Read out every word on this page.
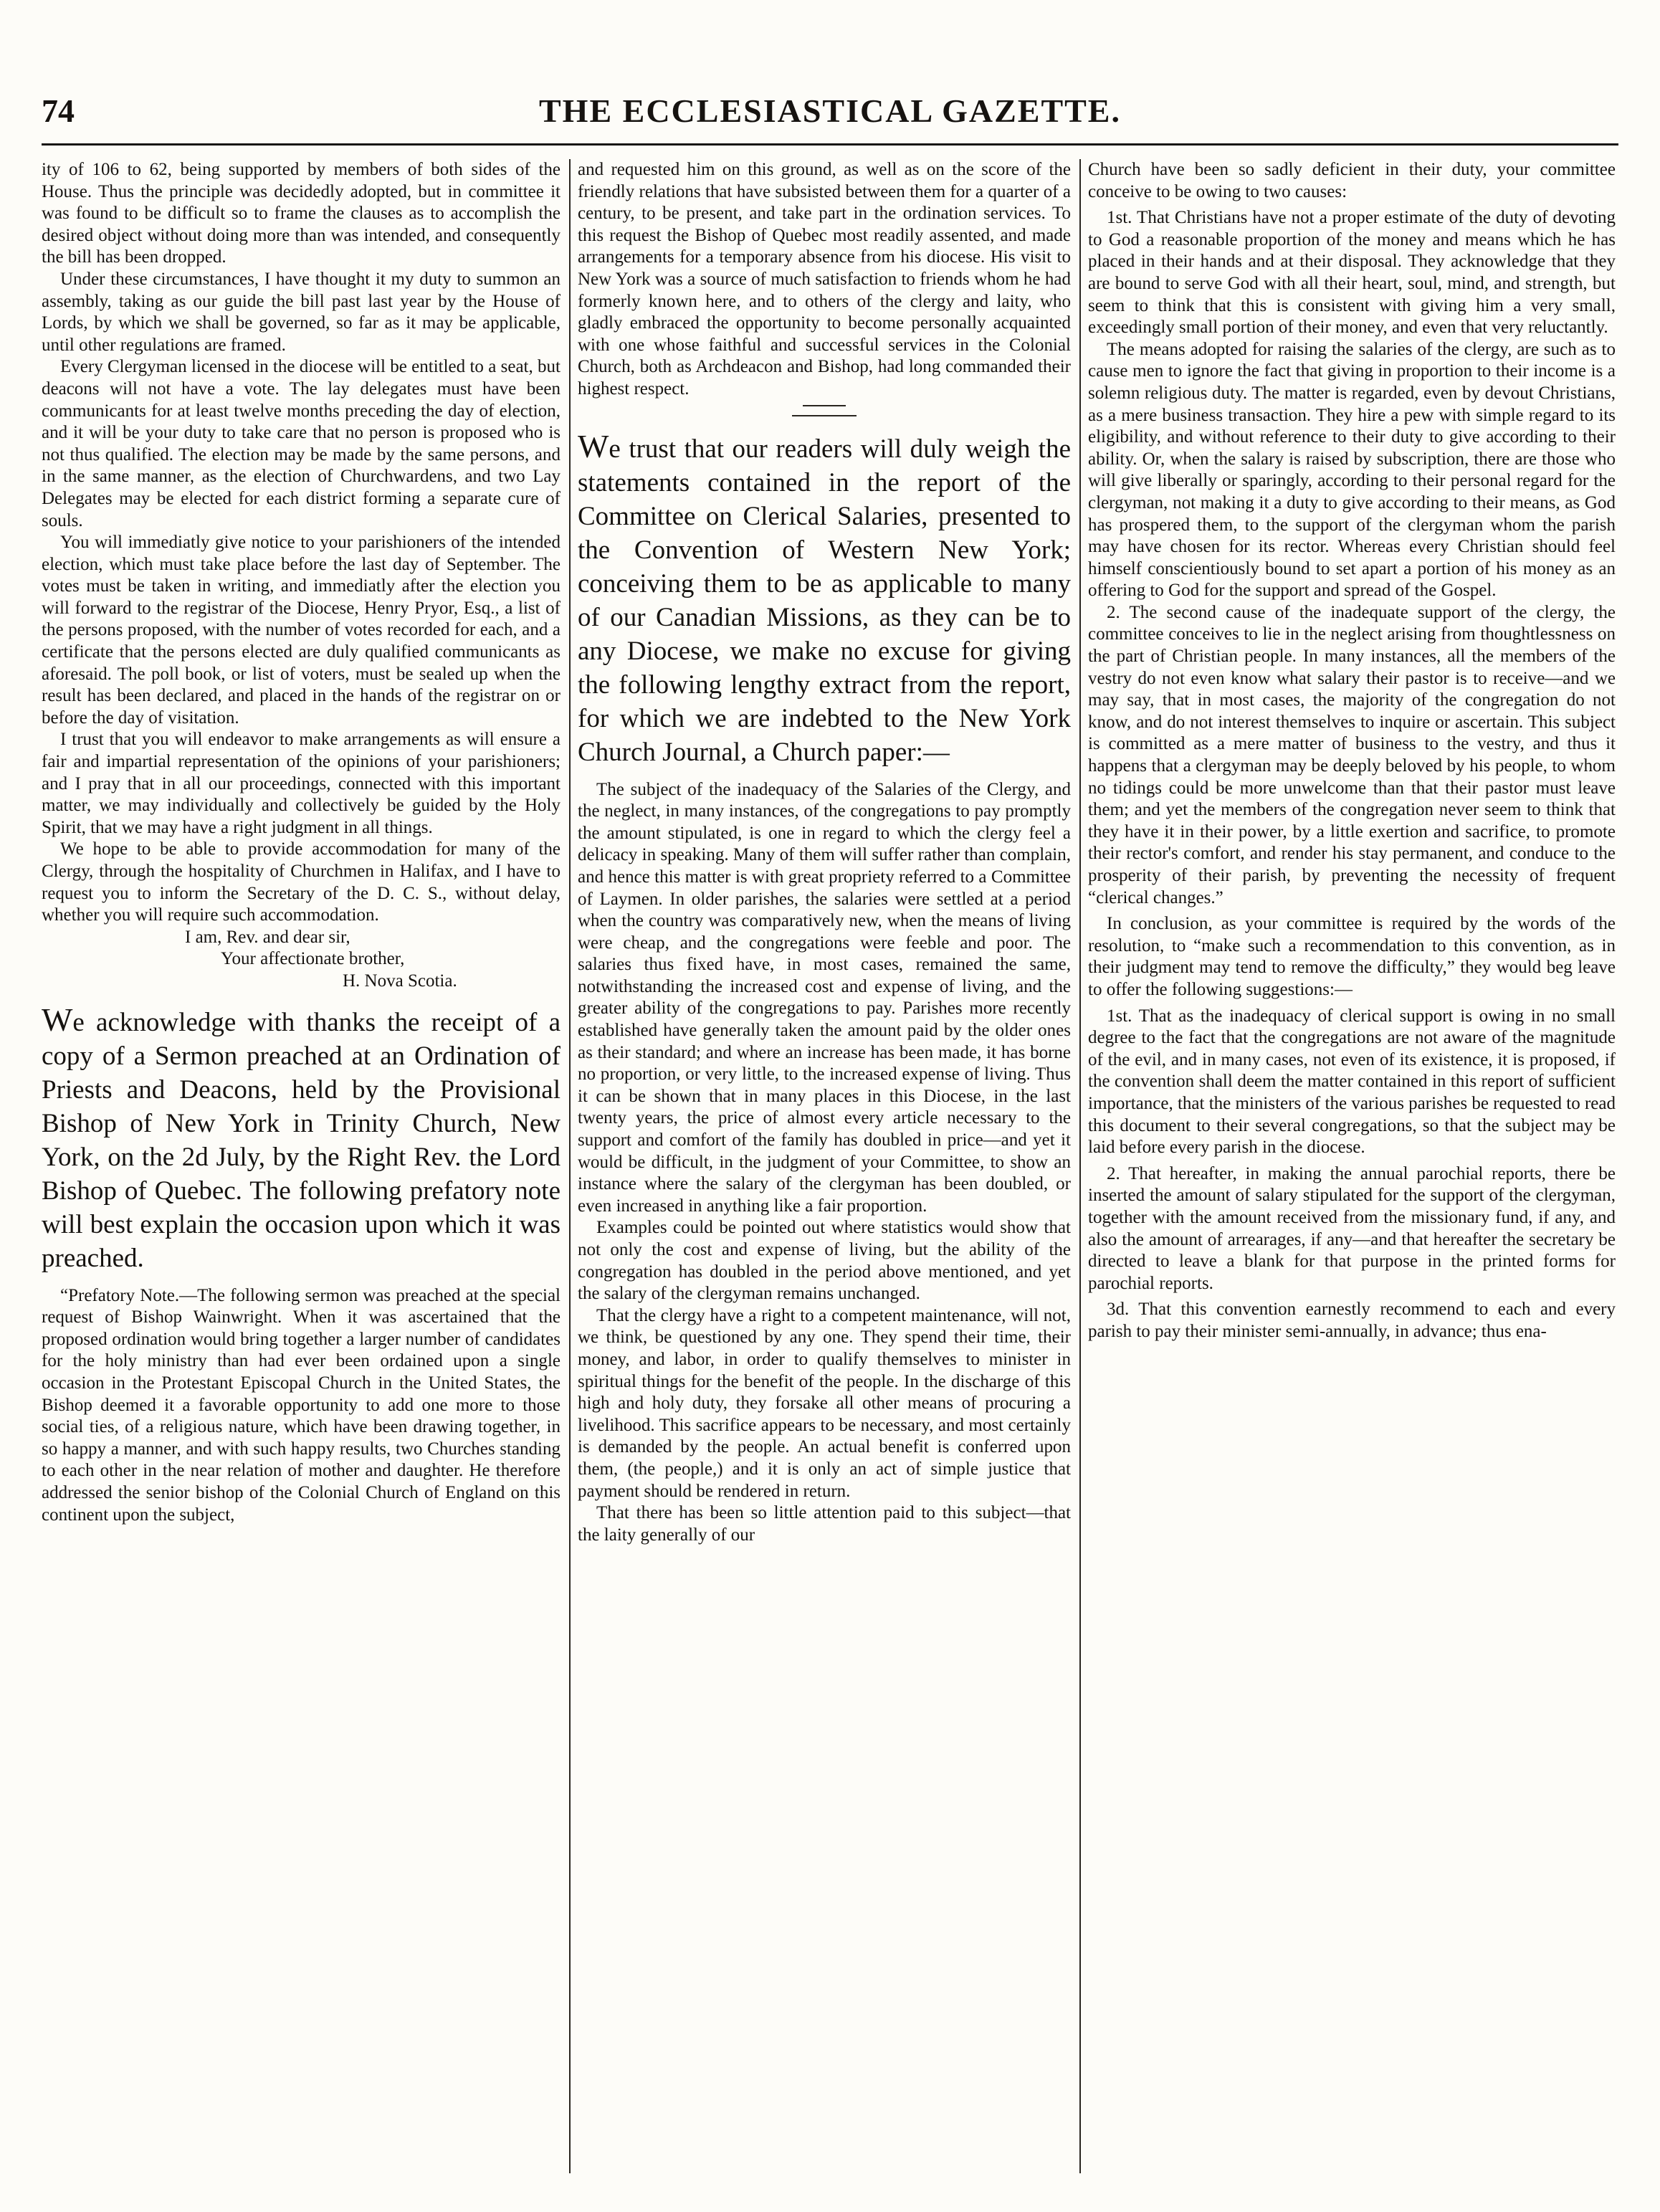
74	THE ECCLESIASTICAL GAZETTE.

ity of 106 to 62, being supported by members of both sides of the House. Thus the principle was decidedly adopted, but in committee it was found to be difficult so to frame the clauses as to accomplish the desired object without doing more than was intended, and consequently the bill has been dropped.

Under these circumstances, I have thought it my duty to summon an assembly, taking as our guide the bill past last year by the House of Lords, by which we shall be governed, so far as it may be applicable, until other regulations are framed.

Every Clergyman licensed in the diocese will be entitled to a seat, but deacons will not have a vote. The lay delegates must have been communicants for at least twelve months preceding the day of election, and it will be your duty to take care that no person is proposed who is not thus qualified. The election may be made by the same persons, and in the same manner, as the election of Churchwardens, and two Lay Delegates may be elected for each district forming a separate cure of souls.

You will immediatly give notice to your parishioners of the intended election, which must take place before the last day of September. The votes must be taken in writing, and immediatly after the election you will forward to the registrar of the Diocese, Henry Pryor, Esq., a list of the persons proposed, with the number of votes recorded for each, and a certificate that the persons elected are duly qualified communicants as aforesaid. The poll book, or list of voters, must be sealed up when the result has been declared, and placed in the hands of the registrar on or before the day of visitation.

I trust that you will endeavor to make arrangements as will ensure a fair and impartial representation of the opinions of your parishioners; and I pray that in all our proceedings, connected with this important matter, we may individually and collectively be guided by the Holy Spirit, that we may have a right judgment in all things.

We hope to be able to provide accommodation for many of the Clergy, through the hospitality of Churchmen in Halifax, and I have to request you to inform the Secretary of the D. C. S., without delay, whether you will require such accommodation.

I am, Rev. and dear sir,

Your affectionate brother,

H. Nova Scotia.

We acknowledge with thanks the receipt of a copy of a Sermon preached at an Ordination of Priests and Deacons, held by the Provisional Bishop of New York in Trinity Church, New York, on the 2d July, by the Right Rev. the Lord Bishop of Quebec. The following prefatory note will best explain the occasion upon which it was preached.

“Prefatory Note.—The following sermon was preached at the special request of Bishop Wainwright. When it was ascertained that the proposed ordination would bring together a larger number of candidates for the holy ministry than had ever been ordained upon a single occasion in the Protestant Episcopal Church in the United States, the Bishop deemed it a favorable opportunity to add one more to those social ties, of a religious nature, which have been drawing together, in so happy a manner, and with such happy results, two Churches standing to each other in the near relation of mother and daughter. He therefore addressed the senior bishop of the Colonial Church of England on this continent upon the subject,

and requested him on this ground, as well as on the score of the friendly relations that have subsisted between them for a quarter of a century, to be present, and take part in the ordination services. To this request the Bishop of Quebec most readily assented, and made arrangements for a temporary absence from his diocese. His visit to New York was a source of much satisfaction to friends whom he had formerly known here, and to others of the clergy and laity, who gladly embraced the opportunity to become personally acquainted with one whose faithful and successful services in the Colonial Church, both as Archdeacon and Bishop, had long commanded their highest respect.

We trust that our readers will duly weigh the statements contained in the report of the Committee on Clerical Salaries, presented to the Convention of Western New York; conceiving them to be as applicable to many of our Canadian Missions, as they can be to any Diocese, we make no excuse for giving the following lengthy extract from the report, for which we are indebted to the New York Church Journal, a Church paper:—

The subject of the inadequacy of the Salaries of the Clergy, and the neglect, in many instances, of the congregations to pay promptly the amount stipulated, is one in regard to which the clergy feel a delicacy in speaking. Many of them will suffer rather than complain, and hence this matter is with great propriety referred to a Committee of Laymen. In older parishes, the salaries were settled at a period when the country was comparatively new, when the means of living were cheap, and the congregations were feeble and poor. The salaries thus fixed have, in most cases, remained the same, notwithstanding the increased cost and expense of living, and the greater ability of the congregations to pay. Parishes more recently established have generally taken the amount paid by the older ones as their standard; and where an increase has been made, it has borne no proportion, or very little, to the increased expense of living. Thus it can be shown that in many places in this Diocese, in the last twenty years, the price of almost every article necessary to the support and comfort of the family has doubled in price—and yet it would be difficult, in the judgment of your Committee, to show an instance where the salary of the clergyman has been doubled, or even increased in anything like a fair proportion.

Examples could be pointed out where statistics would show that not only the cost and expense of living, but the ability of the congregation has doubled in the period above mentioned, and yet the salary of the clergyman remains unchanged.

That the clergy have a right to a competent maintenance, will not, we think, be questioned by any one. They spend their time, their money, and labor, in order to qualify themselves to minister in spiritual things for the benefit of the people. In the discharge of this high and holy duty, they forsake all other means of procuring a livelihood. This sacrifice appears to be necessary, and most certainly is demanded by the people. An actual benefit is conferred upon them, (the people,) and it is only an act of simple justice that payment should be rendered in return.

That there has been so little attention paid to this subject—that the laity generally of our

Church have been so sadly deficient in their duty, your committee conceive to be owing to two causes:

1st. That Christians have not a proper estimate of the duty of devoting to God a reasonable proportion of the money and means which he has placed in their hands and at their disposal. They acknowledge that they are bound to serve God with all their heart, soul, mind, and strength, but seem to think that this is consistent with giving him a very small, exceedingly small portion of their money, and even that very reluctantly.

The means adopted for raising the salaries of the clergy, are such as to cause men to ignore the fact that giving in proportion to their income is a solemn religious duty. The matter is regarded, even by devout Christians, as a mere business transaction. They hire a pew with simple regard to its eligibility, and without reference to their duty to give according to their ability. Or, when the salary is raised by subscription, there are those who will give liberally or sparingly, according to their personal regard for the clergyman, not making it a duty to give according to their means, as God has prospered them, to the support of the clergyman whom the parish may have chosen for its rector. Whereas every Christian should feel himself conscientiously bound to set apart a portion of his money as an offering to God for the support and spread of the Gospel.

2. The second cause of the inadequate support of the clergy, the committee conceives to lie in the neglect arising from thoughtlessness on the part of Christian people. In many instances, all the members of the vestry do not even know what salary their pastor is to receive—and we may say, that in most cases, the majority of the congregation do not know, and do not interest themselves to inquire or ascertain. This subject is committed as a mere matter of business to the vestry, and thus it happens that a clergyman may be deeply beloved by his people, to whom no tidings could be more unwelcome than that their pastor must leave them; and yet the members of the congregation never seem to think that they have it in their power, by a little exertion and sacrifice, to promote their rector's comfort, and render his stay permanent, and conduce to the prosperity of their parish, by preventing the necessity of frequent “clerical changes.”

In conclusion, as your committee is required by the words of the resolution, to “make such a recommendation to this convention, as in their judgment may tend to remove the difficulty,” they would beg leave to offer the following suggestions:—

1st. That as the inadequacy of clerical support is owing in no small degree to the fact that the congregations are not aware of the magnitude of the evil, and in many cases, not even of its existence, it is proposed, if the convention shall deem the matter contained in this report of sufficient importance, that the ministers of the various parishes be requested to read this document to their several congregations, so that the subject may be laid before every parish in the diocese.

2. That hereafter, in making the annual parochial reports, there be inserted the amount of salary stipulated for the support of the clergyman, together with the amount received from the missionary fund, if any, and also the amount of arrearages, if any—and that hereafter the secretary be directed to leave a blank for that purpose in the printed forms for parochial reports.

3d. That this convention earnestly recommend to each and every parish to pay their minister semi-annually, in advance; thus ena-
